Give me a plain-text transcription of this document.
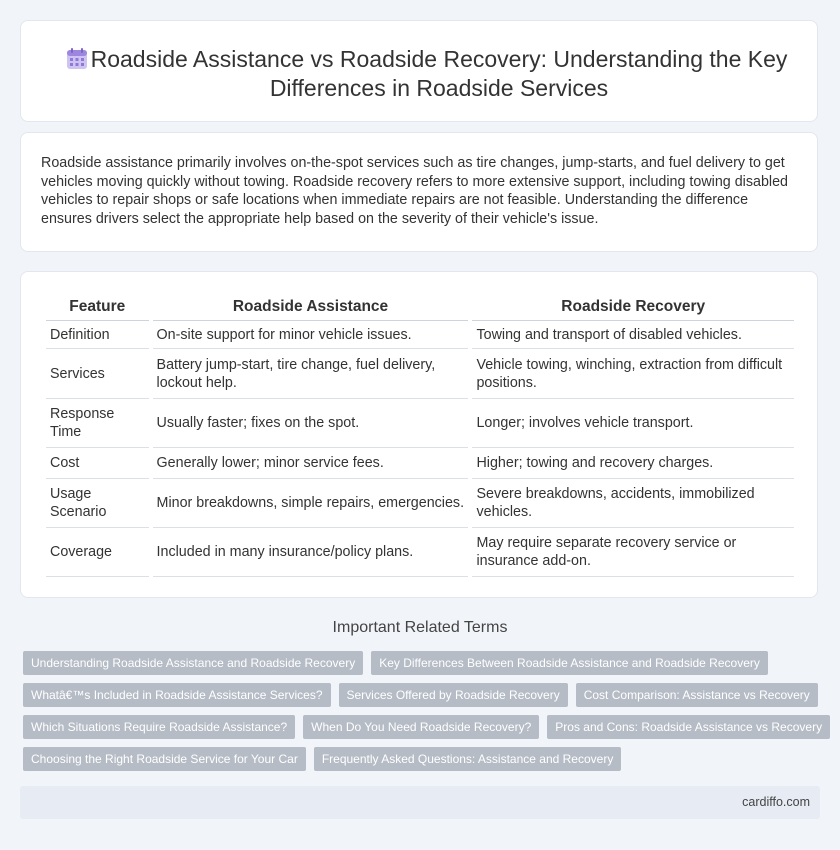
Roadside Assistance vs Roadside Recovery: Understanding the Key Differences in Roadside Services

Roadside assistance primarily involves on-the-spot services such as tire changes, jump-starts, and fuel delivery to get vehicles moving quickly without towing. Roadside recovery refers to more extensive support, including towing disabled vehicles to repair shops or safe locations when immediate repairs are not feasible. Understanding the difference ensures drivers select the appropriate help based on the severity of their vehicle's issue.

Feature	Roadside Assistance	Roadside Recovery
Definition	On-site support for minor vehicle issues.	Towing and transport of disabled vehicles.
Services	Battery jump-start, tire change, fuel delivery, lockout help.	Vehicle towing, winching, extraction from difficult positions.
Response Time	Usually faster; fixes on the spot.	Longer; involves vehicle transport.
Cost	Generally lower; minor service fees.	Higher; towing and recovery charges.
Usage Scenario	Minor breakdowns, simple repairs, emergencies.	Severe breakdowns, accidents, immobilized vehicles.
Coverage	Included in many insurance/policy plans.	May require separate recovery service or insurance add-on.
Important Related Terms
Understanding Roadside Assistance and Roadside Recovery	Key Differences Between Roadside Assistance and Roadside Recovery
Whatâ€™s Included in Roadside Assistance Services?	Services Offered by Roadside Recovery	Cost Comparison: Assistance vs Recovery
Which Situations Require Roadside Assistance?	When Do You Need Roadside Recovery?	Pros and Cons: Roadside Assistance vs Recovery
Choosing the Right Roadside Service for Your Car	Frequently Asked Questions: Assistance and Recovery
cardiffo.com
